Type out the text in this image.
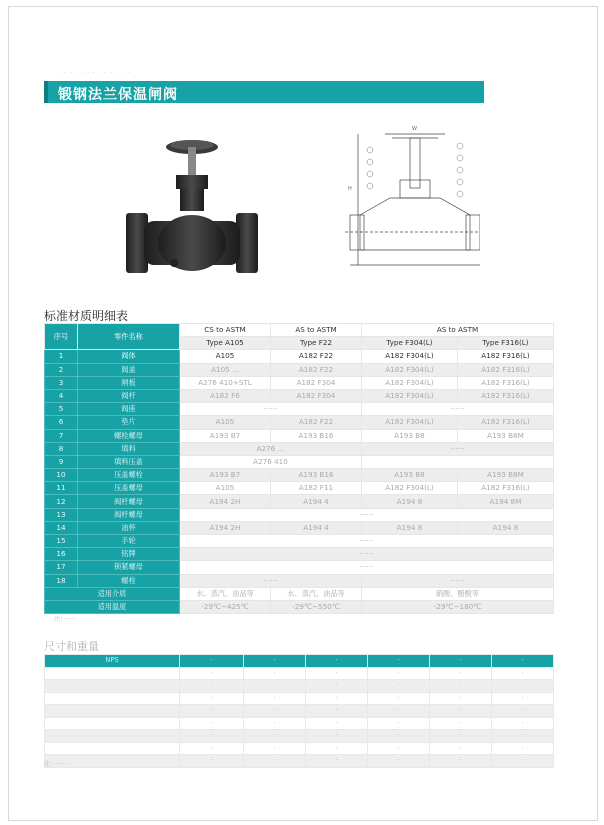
· · · · · · · · · · · · ·
锻钢法兰保温闸阀
W
H
标准材质明细表
序号	零件名称	CS to ASTM	AS to ASTM	AS to ASTM	
		Type A105	Type F22	Type F304(L)	Type F316(L)
1	阀体	A105	A182 F22	A182 F304(L)	A182 F316(L)
2	阀盖	A105 ...	A182 F22	A182 F304(L)	A182 F316(L)
3	闸板	A276 410+STL	A182 F304	A182 F304(L)	A182 F316(L)
4	阀杆	A182 F6	A182 F304	A182 F304(L)	A182 F316(L)
5	阀座	······		······	
6	垫片	A105	A182 F22	A182 F304(L)	A182 F316(L)
7	螺栓螺母	A193 B7	A193 B16	A193 B8	A193 B8M
8	填料	A276 ...		······	
9	填料压盖	A276 410			
10	压盖螺栓	A193 B7	A193 B16	A193 B8	A193 B8M
11	压盖螺母	A105	A182 F11	A182 F304(L)	A182 F316(L)
12	阀杆螺母	A194 2H	A194 4	A194 8	A194 8M
13	阀杆螺母	······			
14	油杯	A194 2H	A194 4	A194 8	A194 8
15	手轮	······			
16	铭牌	······			
17	锁紧螺母	······			
18	螺栓	······		······	
适用介质		水、蒸汽、油品等	水、蒸汽、油品等	硝酸、醋酸等	
适用温度		-29℃~425℃	-29℃~550℃	-29℃~180℃	
注：······
尺寸和重量
NPS	·	·	·	·	·	·
	·	·	·	·	·	·
	·	·	·	·	·	·
	·	·	·	·	·	·
	·	·	·	·	·	·
	·	·	·	·	·	·
	·	·	·	·	·	·
	·	·	·	·	·	·
	·	·	·	·	·	·
注：······
